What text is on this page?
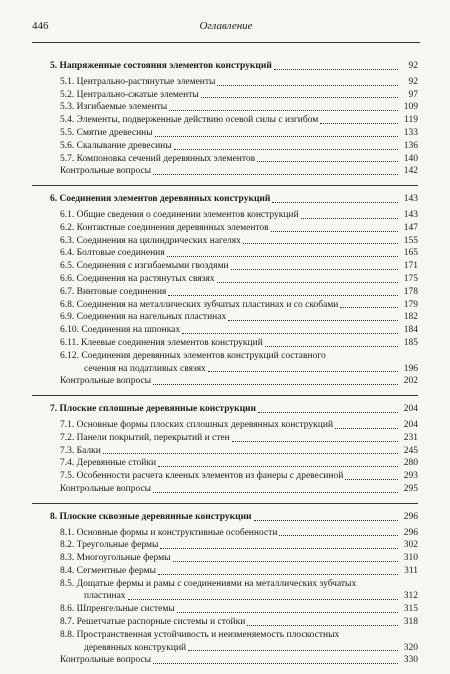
446	Оглавление
5. Напряженные состояния элементов конструкций	92
5.1. Центрально-растянутые элементы	92
5.2. Центрально-сжатые элементы	97
5.3. Изгибаемые элементы	109
5.4. Элементы, подверженные действию осевой силы с изгибом	119
5.5. Смятие древесины	133
5.6. Скалывание древесины	136
5.7. Компоновка сечений деревянных элементов	140
Контрольные вопросы	142
6. Соединения элементов деревянных конструкций	143
6.1. Общие сведения о соединении элементов конструкций	143
6.2. Контактные соединения деревянных элементов	147
6.3. Соединения на цилиндрических нагелях	155
6.4. Болтовые соединения	165
6.5. Соединения с изгибаемыми гвоздями	171
6.6. Соединения на растянутых связях	175
6.7. Винтовые соединения	178
6.8. Соединения на металлических зубчатых пластинах и со скобами	179
6.9. Соединения на нагельных пластинах	182
6.10. Соединения на шпонках	184
6.11. Клеевые соединения элементов конструкций	185
6.12. Соединения деревянных элементов конструкций составного
сечения на податливых связях	196
Контрольные вопросы	202
7. Плоские сплошные деревянные конструкции	204
7.1. Основные формы плоских сплошных деревянных конструкций	204
7.2. Панели покрытий, перекрытий и стен	231
7.3. Балки	245
7.4. Деревянные стойки	280
7.5. Особенности расчета клееных элементов из фанеры с древесиной	293
Контрольные вопросы	295
8. Плоские сквозные деревянные конструкции	296
8.1. Основные формы и конструктивные особенности	296
8.2. Треугольные фермы	302
8.3. Многоугольные фермы	310
8.4. Сегментные фермы	311
8.5. Дощатые фермы и рамы с соединениями на металлических зубчатых
пластинах	312
8.6. Шпренгельные системы	315
8.7. Решетчатые распорные системы и стойки	318
8.8. Пространственная устойчивость и неизменяемость плоскостных
деревянных конструкций	320
Контрольные вопросы	330
